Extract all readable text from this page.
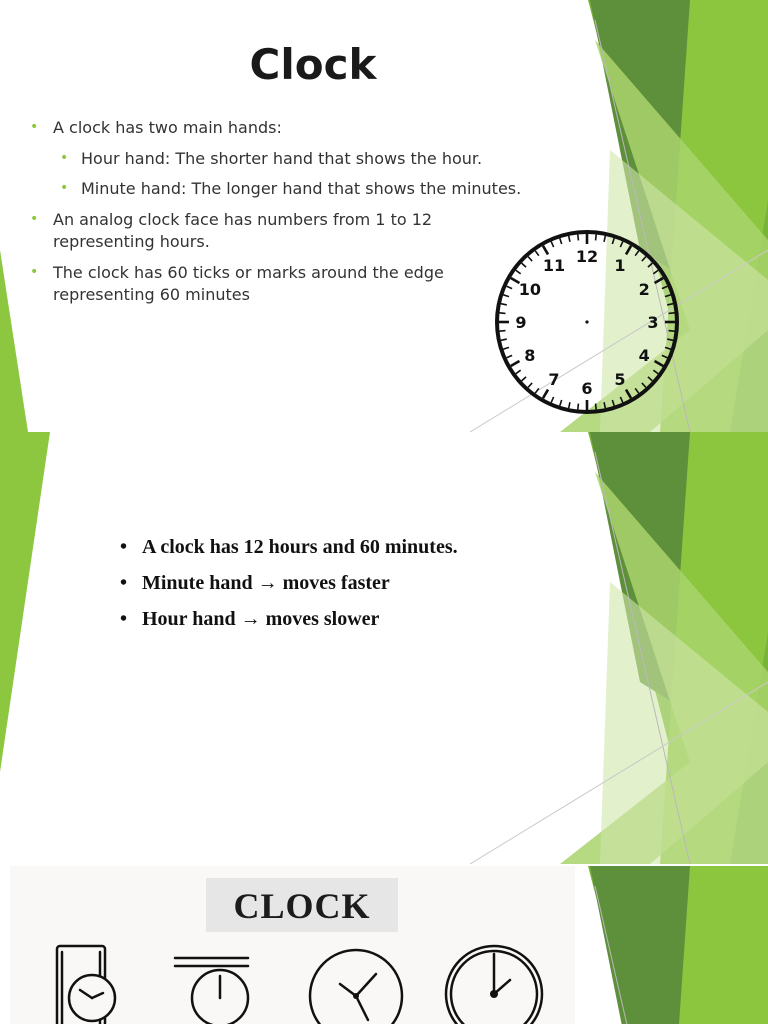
Clock
• A clock has two main hands:

• Hour hand: The shorter hand that shows the hour.

• Minute hand: The longer hand that shows the minutes.

• An analog clock face has numbers from 1 to 12

representing hours.

• The clock has 60 ticks or marks around the edge

representing 60 minutes

12 1
2
3
4
5
6
7
8
9
10
11
• A clock has 12 hours and 60 minutes.
• Minute hand → moves faster
• Hour hand → moves slower
CLOCK
